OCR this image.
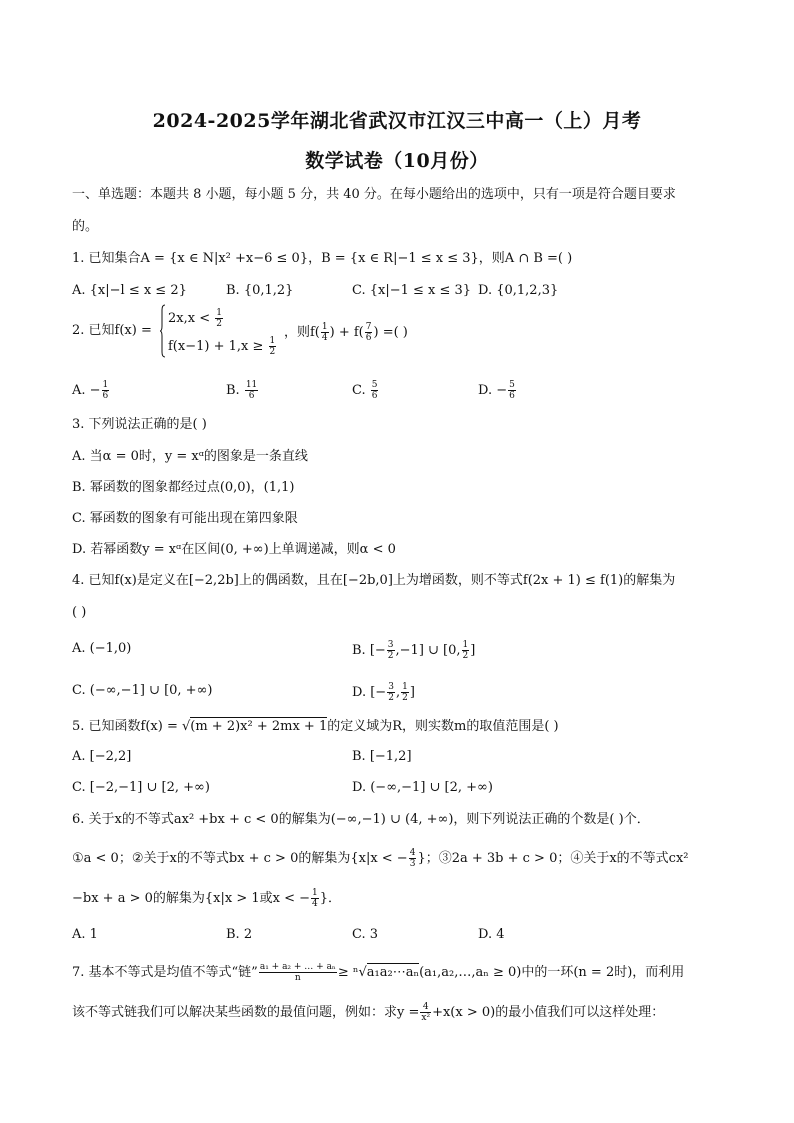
2024-2025学年湖北省武汉市江汉三中高一（上）月考
数学试卷（10月份）
一、单选题：本题共 8 小题，每小题 5 分，共 40 分。在每小题给出的选项中，只有一项是符合题目要求
的。
1. 已知集合A = {x ∈ N|x² +x−6 ≤ 0}，B = {x ∈ R|−1 ≤ x ≤ 3}，则A ∩ B =( )
A. {x|−l ≤ x ≤ 2}	B. {0,1,2}	C. {x|−1 ≤ x ≤ 3} D. {0,1,2,3}
2. 已知f(x) =
$2x,x < \frac{1}{2}$
$f(x-1) + 1,x \ge \frac{1}{2}$
，则$f( \frac{1}{4}$ ) + $f( \frac{7}{6}$ ) =( )
A. − $\frac{1}{6}$	B. $\frac{11}{6}$	C. $\frac{5}{6}$	D. − $\frac{5}{6}$
3. 下列说法正确的是( )
A. 当α = 0时，y = xᵅ的图象是一条直线
B. 幂函数的图象都经过点(0,0)，(1,1)
C. 幂函数的图象有可能出现在第四象限
D. 若幂函数y = xᵅ在区间(0, +∞)上单调递减，则α < 0
4. 已知f(x)是定义在[−2,2b]上的偶函数，且在[−2b,0]上为增函数，则不等式f(2x + 1) ≤ f(1)的解集为
( )
A. (−1,0)	B. [− $\frac{3}{2} ,-1$] ∪ [0, $\frac{1}{2}$ ]
C. (−∞,−1] ∪ [0, +∞)	D. [− $\frac{3}{2}$ , $\frac{1}{2}$ ]
5. 已知函数f(x) = √(m + 2)x² + 2mx + 1的定义域为R，则实数m的取值范围是( )
A. [−2,2]	B. [−1,2]
C. [−2,−1] ∪ [2, +∞)	D. (−∞,−1] ∪ [2, +∞)
6. 关于x的不等式ax² +bx + c < 0的解集为(−∞,−1) ∪ (4, +∞)，则下列说法正确的个数是( )个．
①a < 0；②关于x的不等式bx + c > 0的解集为{x|x < − $\frac{4}{3}$ }；③2a + 3b + c > 0；④关于x的不等式cx²
−bx + a > 0的解集为{x|x > 1或x < − $\frac{1}{4}$ }．
A. 1	B. 2	C. 3	D. 4
7. 基本不等式是均值不等式“链” $\frac{\text{a₁ + a₂ + … + aₙ}}{n}$ ≥ ⁿ√a₁a₂⋯aₙ(a₁,a₂,…,aₙ ≥ 0)中的一环(n = 2时)，而利用
该不等式链我们可以解决某些函数的最值问题，例如：求$y = \frac{4}{\text{x²}} +x(x > 0)$的最小值我们可以这样处理：
